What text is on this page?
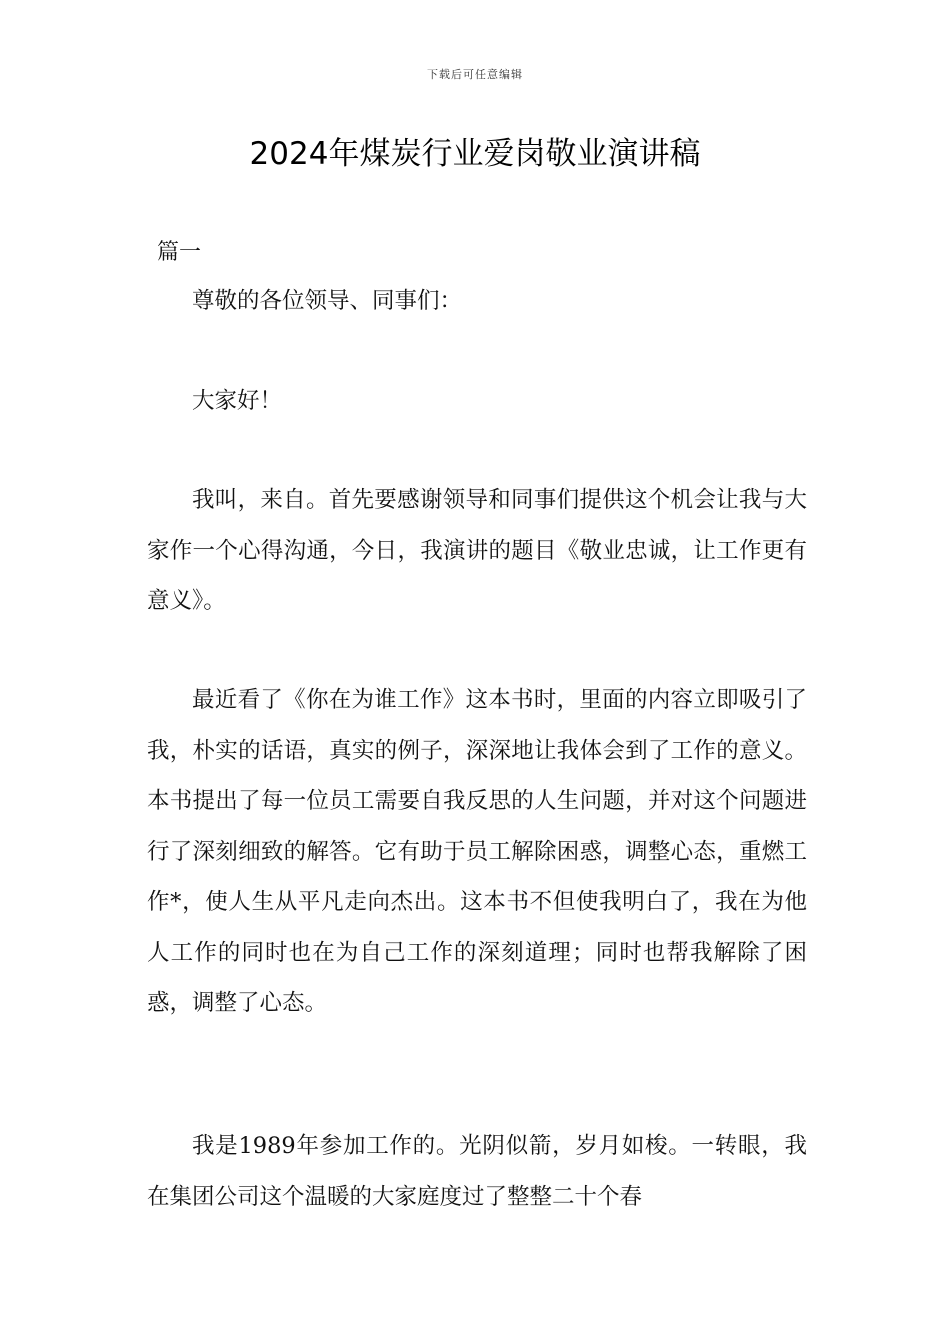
下载后可任意编辑
2024年煤炭行业爱岗敬业演讲稿
篇一

尊敬的各位领导、同事们：

大家好！

我叫，来自。首先要感谢领导和同事们提供这个机会让我与大家作一个心得沟通，今日，我演讲的题目《敬业忠诚，让工作更有意义》。

最近看了《你在为谁工作》这本书时，里面的内容立即吸引了我，朴实的话语，真实的例子，深深地让我体会到了工作的意义。本书提出了每一位员工需要自我反思的人生问题，并对这个问题进行了深刻细致的解答。它有助于员工解除困惑，调整心态，重燃工作*，使人生从平凡走向杰出。这本书不但使我明白了，我在为他人工作的同时也在为自己工作的深刻道理；同时也帮我解除了困惑，调整了心态。

我是1989年参加工作的。光阴似箭，岁月如梭。一转眼，我在集团公司这个温暖的大家庭度过了整整二十个春
